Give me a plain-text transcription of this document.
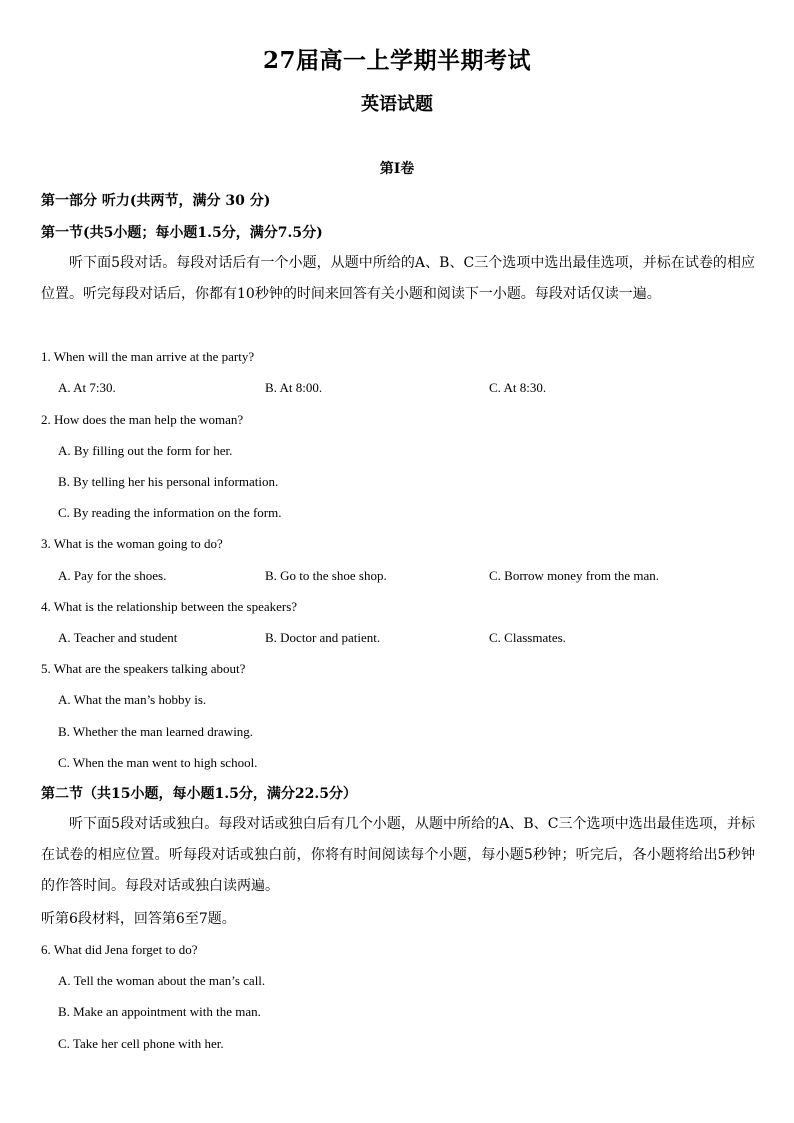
27届高一上学期半期考试
英语试题
第I卷
第一部分 听力(共两节，满分 30 分)
第一节(共5小题；每小题1.5分，满分7.5分)
听下面5段对话。每段对话后有一个小题，从题中所给的A、B、C三个选项中选出最佳选项，并标在试卷的相应位置。听完每段对话后，你都有10秒钟的时间来回答有关小题和阅读下一小题。每段对话仅读一遍。
1. When will the man arrive at the party?
A. At 7:30.	B. At 8:00.	C. At 8:30.
2. How does the man help the woman?
A. By filling out the form for her.
B. By telling her his personal information.
C. By reading the information on the form.
3. What is the woman going to do?
A. Pay for the shoes.	B. Go to the shoe shop.	C. Borrow money from the man.
4. What is the relationship between the speakers?
A. Teacher and student	B. Doctor and patient.	C. Classmates.
5. What are the speakers talking about?
A. What the man’s hobby is.
B. Whether the man learned drawing.
C. When the man went to high school.
第二节（共15小题，每小题1.5分，满分22.5分）
听下面5段对话或独白。每段对话或独白后有几个小题，从题中所给的A、B、C三个选项中选出最佳选项，并标在试卷的相应位置。听每段对话或独白前，你将有时间阅读每个小题，每小题5秒钟；听完后，各小题将给出5秒钟的作答时间。每段对话或独白读两遍。
听第6段材料，回答第6至7题。
6. What did Jena forget to do?
A. Tell the woman about the man’s call.
B. Make an appointment with the man.
C. Take her cell phone with her.
